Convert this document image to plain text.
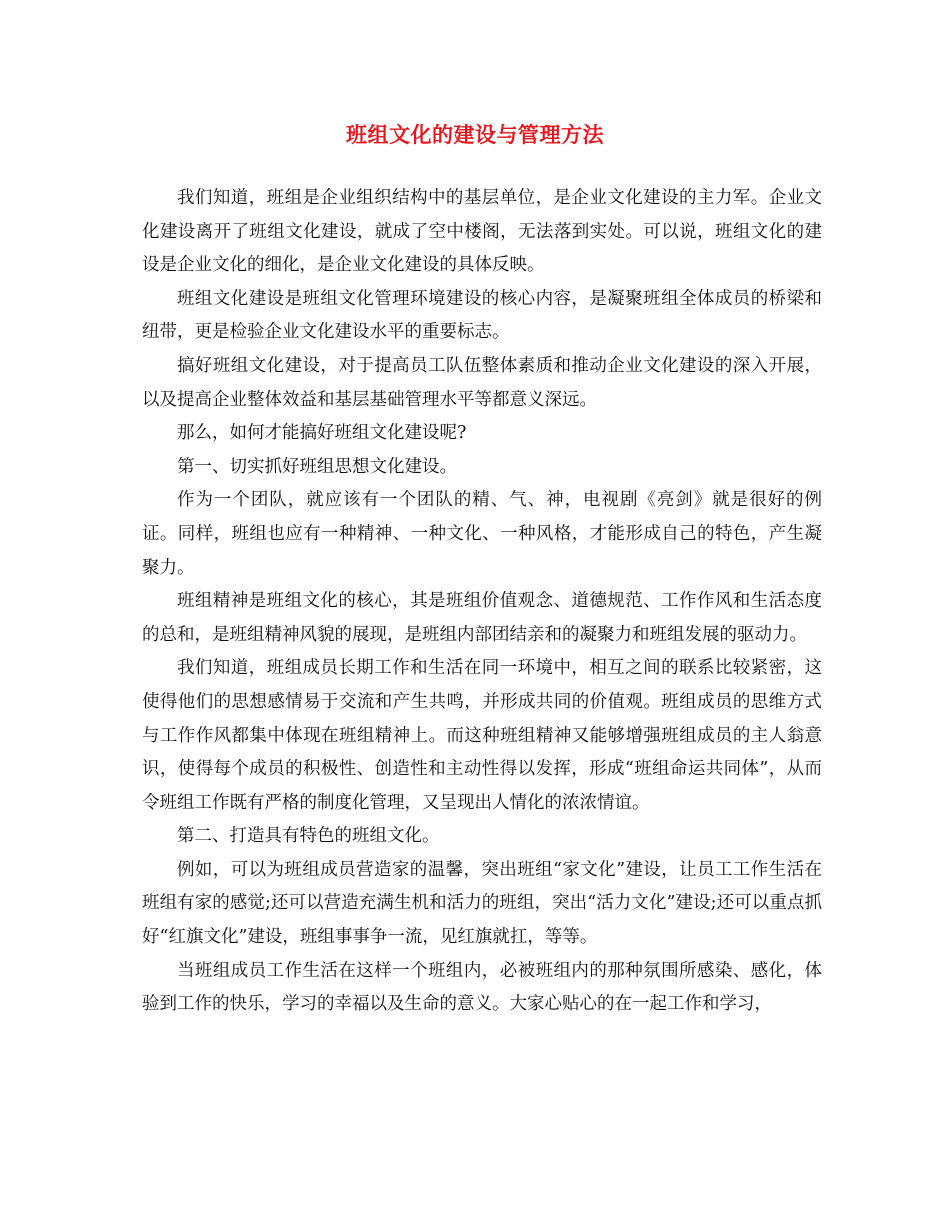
班组文化的建设与管理方法

我们知道，班组是企业组织结构中的基层单位，是企业文化建设的主力军。企业文化建设离开了班组文化建设，就成了空中楼阁，无法落到实处。可以说，班组文化的建设是企业文化的细化，是企业文化建设的具体反映。

班组文化建设是班组文化管理环境建设的核心内容，是凝聚班组全体成员的桥梁和纽带，更是检验企业文化建设水平的重要标志。

搞好班组文化建设，对于提高员工队伍整体素质和推动企业文化建设的深入开展，以及提高企业整体效益和基层基础管理水平等都意义深远。

那么，如何才能搞好班组文化建设呢?

第一、切实抓好班组思想文化建设。

作为一个团队，就应该有一个团队的精、气、神，电视剧《亮剑》就是很好的例证。同样，班组也应有一种精神、一种文化、一种风格，才能形成自己的特色，产生凝聚力。

班组精神是班组文化的核心，其是班组价值观念、道德规范、工作作风和生活态度的总和，是班组精神风貌的展现，是班组内部团结亲和的凝聚力和班组发展的驱动力。

我们知道，班组成员长期工作和生活在同一环境中，相互之间的联系比较紧密，这使得他们的思想感情易于交流和产生共鸣，并形成共同的价值观。班组成员的思维方式与工作作风都集中体现在班组精神上。而这种班组精神又能够增强班组成员的主人翁意识，使得每个成员的积极性、创造性和主动性得以发挥，形成“班组命运共同体”，从而令班组工作既有严格的制度化管理，又呈现出人情化的浓浓情谊。

第二、打造具有特色的班组文化。

例如，可以为班组成员营造家的温馨，突出班组“家文化”建设，让员工工作生活在班组有家的感觉;还可以营造充满生机和活力的班组，突出“活力文化”建设;还可以重点抓好“红旗文化”建设，班组事事争一流，见红旗就扛，等等。

当班组成员工作生活在这样一个班组内，必被班组内的那种氛围所感染、感化，体验到工作的快乐，学习的幸福以及生命的意义。大家心贴心的在一起工作和学习，
